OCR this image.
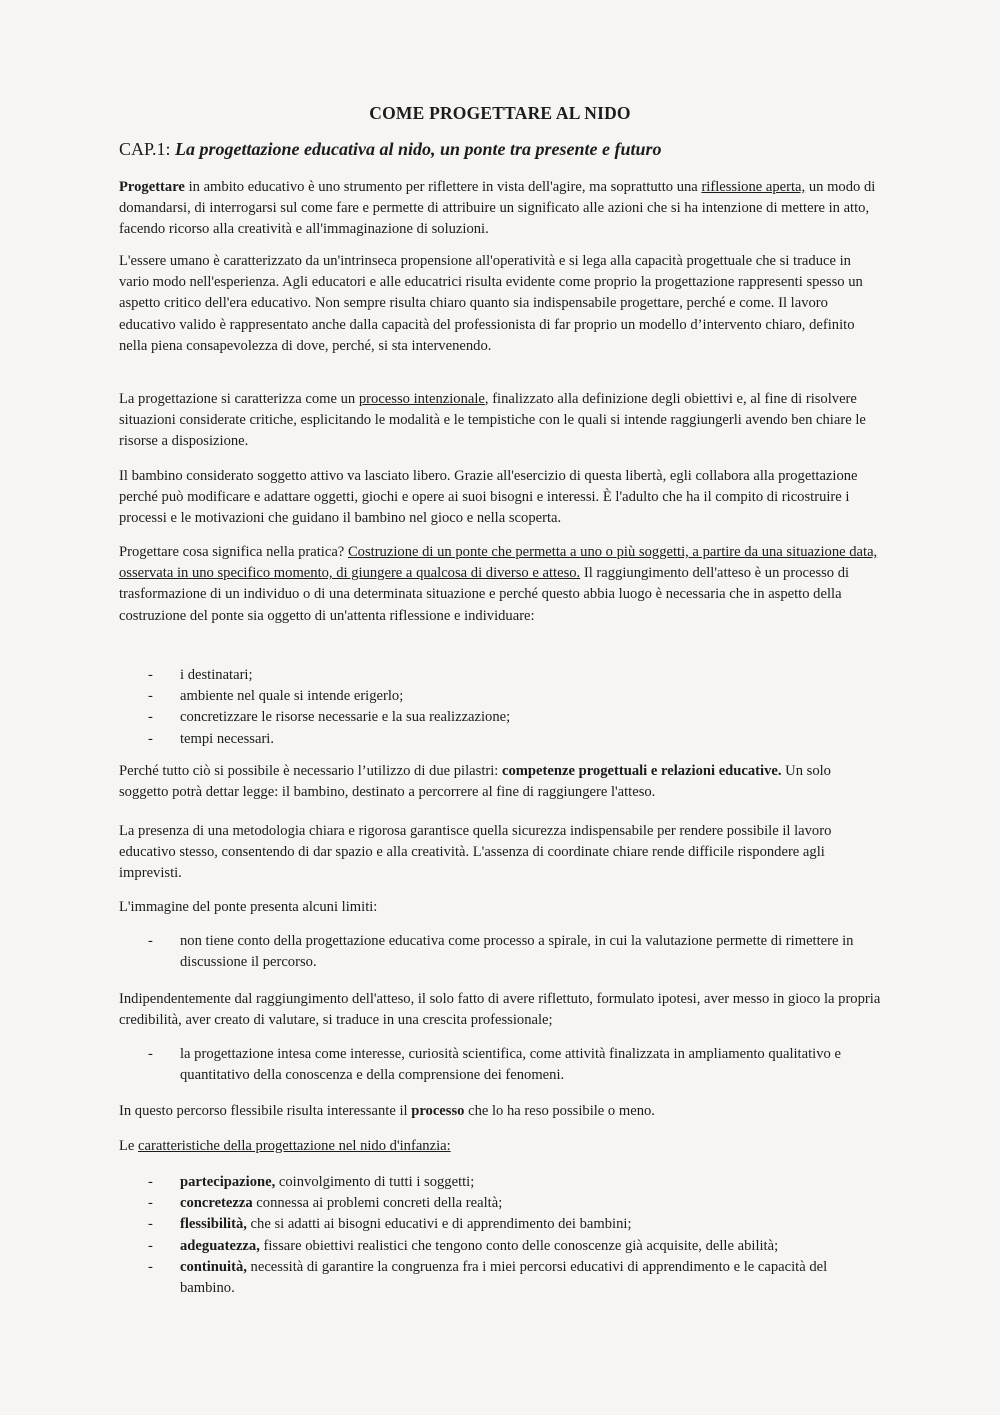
COME PROGETTARE AL NIDO
CAP.1: La progettazione educativa al nido, un ponte tra presente e futuro

Progettare in ambito educativo è uno strumento per riflettere in vista dell'agire, ma soprattutto una riflessione aperta, un modo di domandarsi, di interrogarsi sul come fare e permette di attribuire un significato alle azioni che si ha intenzione di mettere in atto, facendo ricorso alla creatività e all'immaginazione di soluzioni.

L'essere umano è caratterizzato da un'intrinseca propensione all'operatività e si lega alla capacità progettuale che si traduce in vario modo nell'esperienza. Agli educatori e alle educatrici risulta evidente come proprio la progettazione rappresenti spesso un aspetto critico dell'era educativo. Non sempre risulta chiaro quanto sia indispensabile progettare, perché e come. Il lavoro educativo valido è rappresentato anche dalla capacità del professionista di far proprio un modello d’intervento chiaro, definito nella piena consapevolezza di dove, perché, si sta intervenendo.

La progettazione si caratterizza come un processo intenzionale, finalizzato alla definizione degli obiettivi e, al fine di risolvere situazioni considerate critiche, esplicitando le modalità e le tempistiche con le quali si intende raggiungerli avendo ben chiare le risorse a disposizione.

Il bambino considerato soggetto attivo va lasciato libero. Grazie all'esercizio di questa libertà, egli collabora alla progettazione perché può modificare e adattare oggetti, giochi e opere ai suoi bisogni e interessi. È l'adulto che ha il compito di ricostruire i processi e le motivazioni che guidano il bambino nel gioco e nella scoperta.

Progettare cosa significa nella pratica? Costruzione di un ponte che permetta a uno o più soggetti, a partire da una situazione data, osservata in uno specifico momento, di giungere a qualcosa di diverso e atteso. Il raggiungimento dell'atteso è un processo di trasformazione di un individuo o di una determinata situazione e perché questo abbia luogo è necessaria che in aspetto della costruzione del ponte sia oggetto di un'attenta riflessione e individuare:

- i destinatari;
- ambiente nel quale si intende erigerlo;
- concretizzare le risorse necessarie e la sua realizzazione;
- tempi necessari.

Perché tutto ciò si possibile è necessario l’utilizzo di due pilastri: competenze progettuali e relazioni educative. Un solo soggetto potrà dettar legge: il bambino, destinato a percorrere al fine di raggiungere l'atteso.

La presenza di una metodologia chiara e rigorosa garantisce quella sicurezza indispensabile per rendere possibile il lavoro educativo stesso, consentendo di dar spazio e alla creatività. L'assenza di coordinate chiare rende difficile rispondere agli imprevisti.

L'immagine del ponte presenta alcuni limiti:

- non tiene conto della progettazione educativa come processo a spirale, in cui la valutazione permette di rimettere in discussione il percorso.

Indipendentemente dal raggiungimento dell'atteso, il solo fatto di avere riflettuto, formulato ipotesi, aver messo in gioco la propria credibilità, aver creato di valutare, si traduce in una crescita professionale;

- la progettazione intesa come interesse, curiosità scientifica, come attività finalizzata in ampliamento qualitativo e quantitativo della conoscenza e della comprensione dei fenomeni.

In questo percorso flessibile risulta interessante il processo che lo ha reso possibile o meno.

Le caratteristiche della progettazione nel nido d'infanzia:

- partecipazione, coinvolgimento di tutti i soggetti;
- concretezza connessa ai problemi concreti della realtà;
- flessibilità, che si adatti ai bisogni educativi e di apprendimento dei bambini;
- adeguatezza, fissare obiettivi realistici che tengono conto delle conoscenze già acquisite, delle abilità;
- continuità, necessità di garantire la congruenza fra i miei percorsi educativi di apprendimento e le capacità del bambino.
